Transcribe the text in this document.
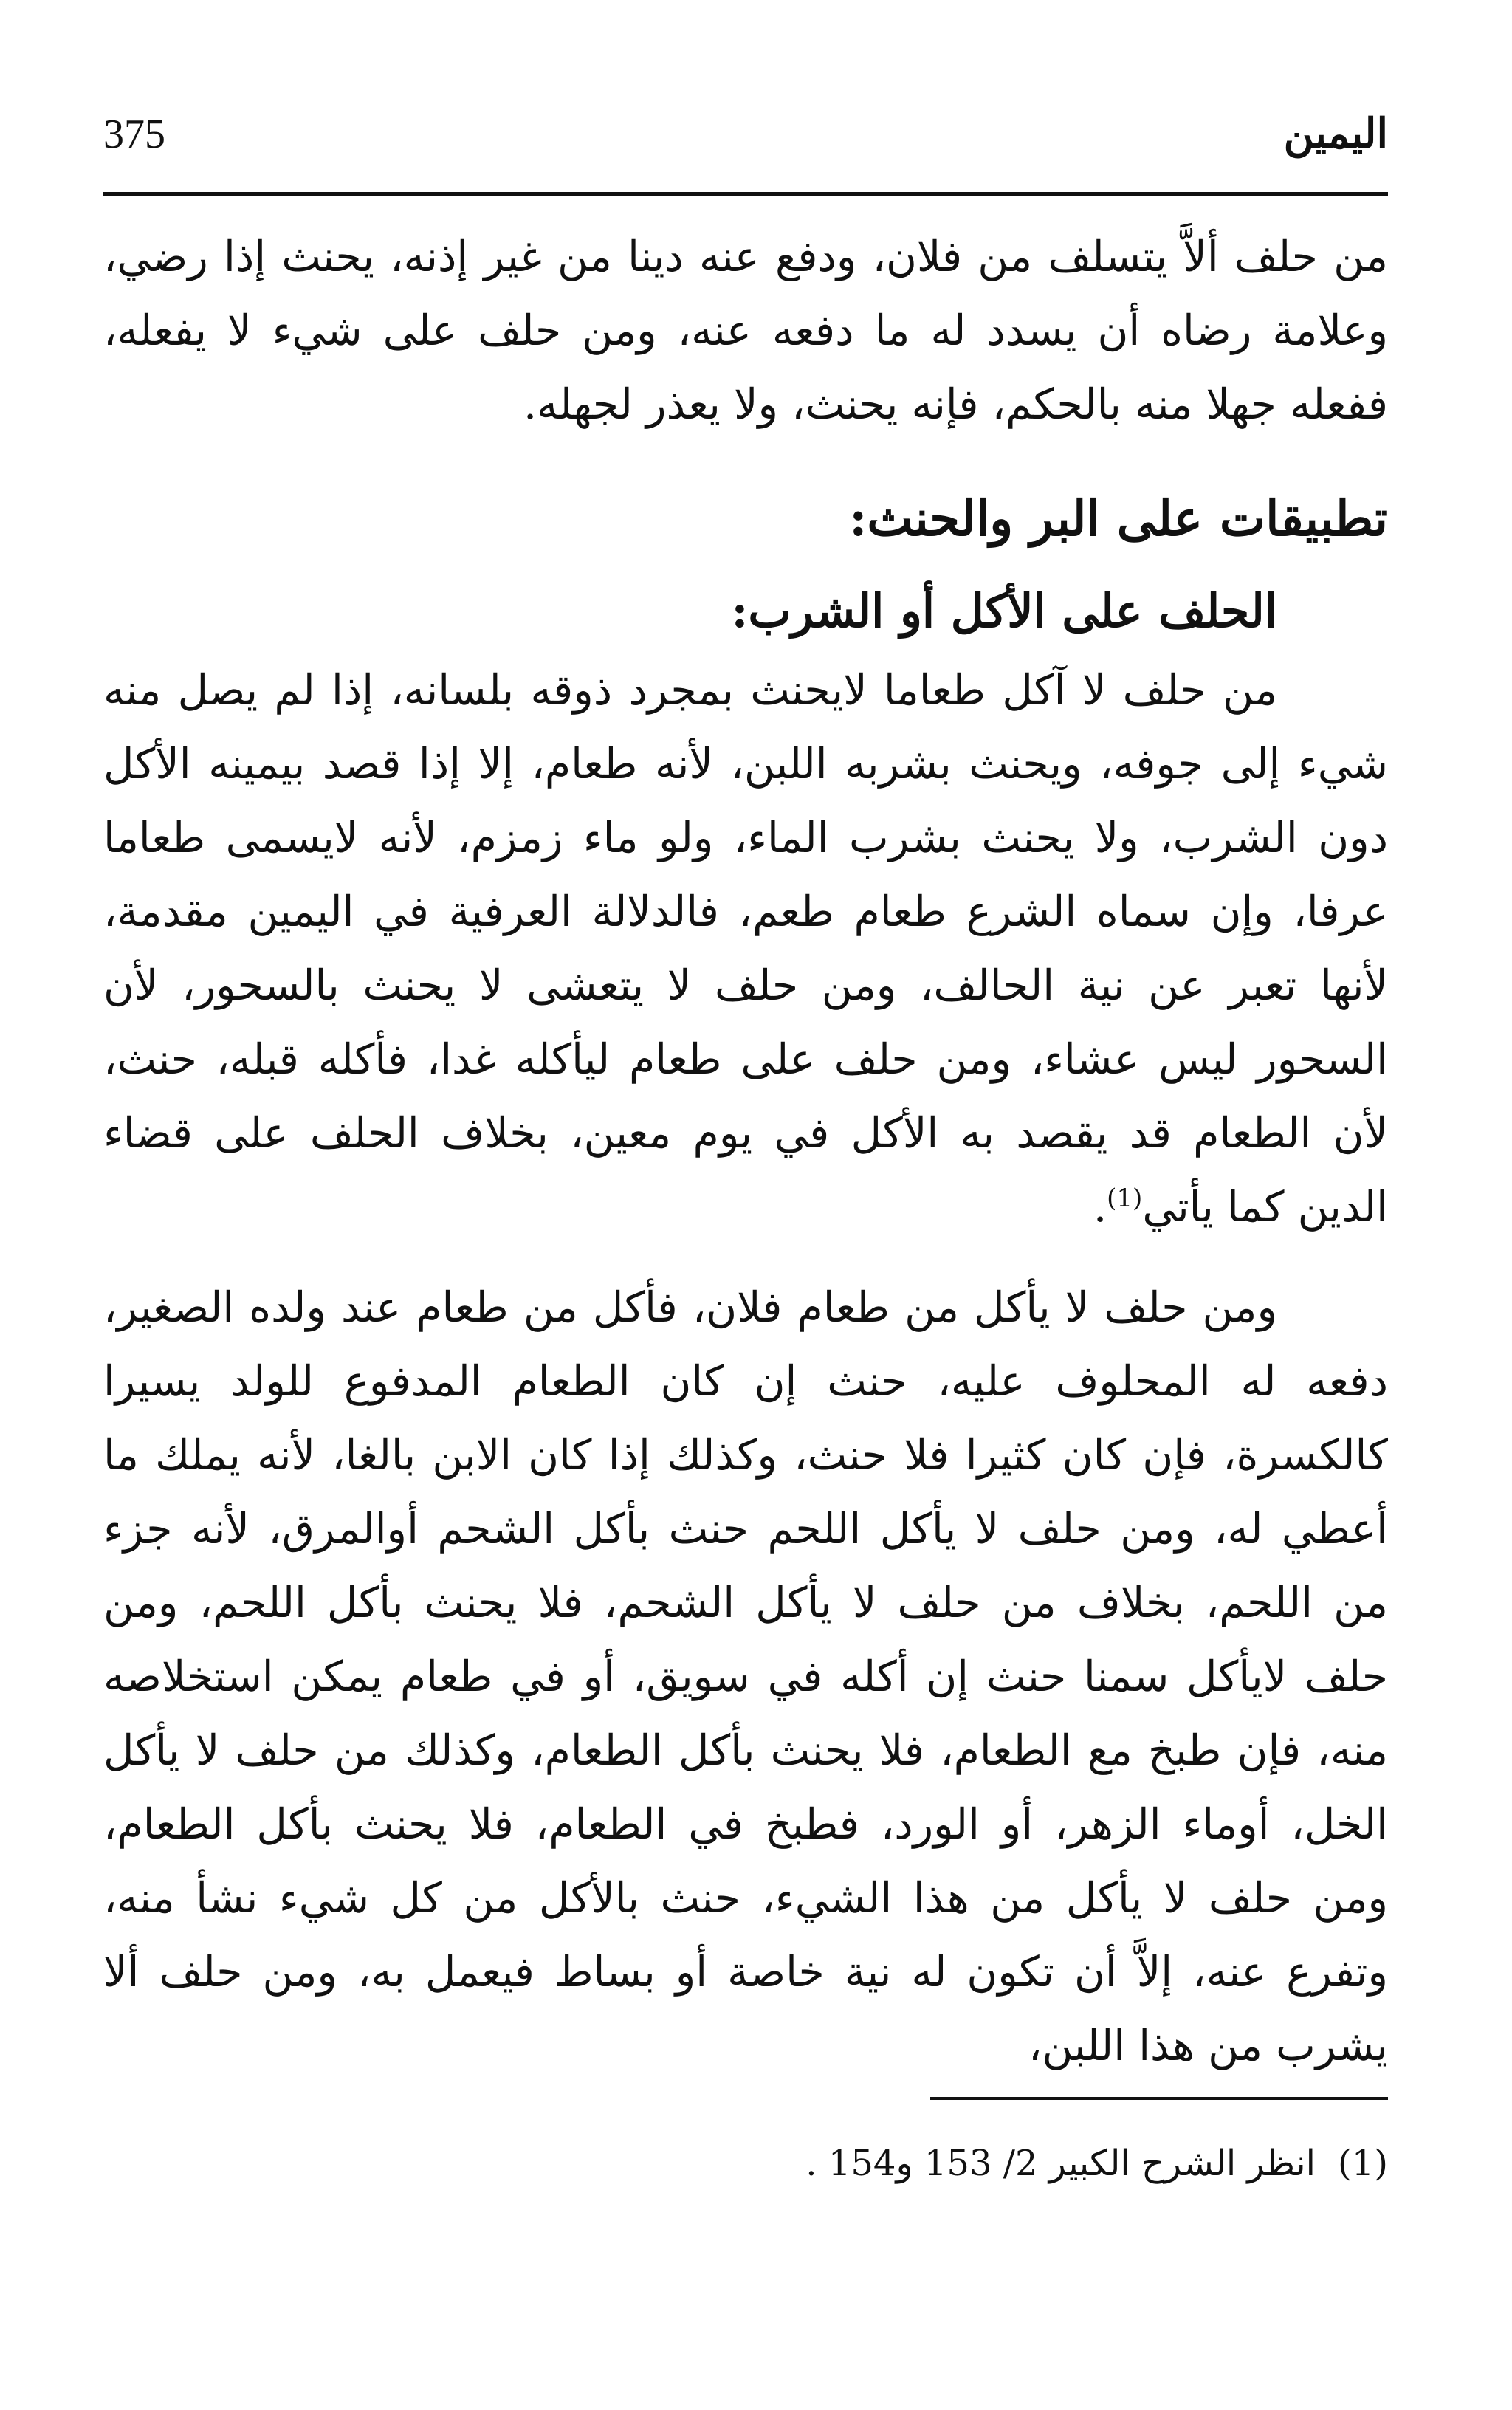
375	اليمين

من حلف ألاَّ يتسلف من فلان، ودفع عنه دينا من غير إذنه، يحنث إذا رضي، وعلامة رضاه أن يسدد له ما دفعه عنه، ومن حلف على شيء لا يفعله، ففعله جهلا منه بالحكم، فإنه يحنث، ولا يعذر لجهله.

تطبيقات على البر والحنث:
الحلف على الأكل أو الشرب:

من حلف لا آكل طعاما لايحنث بمجرد ذوقه بلسانه، إذا لم يصل منه شيء إلى جوفه، ويحنث بشربه اللبن، لأنه طعام، إلا إذا قصد بيمينه الأكل دون الشرب، ولا يحنث بشرب الماء، ولو ماء زمزم، لأنه لايسمى طعاما عرفا، وإن سماه الشرع طعام طعم، فالدلالة العرفية في اليمين مقدمة، لأنها تعبر عن نية الحالف، ومن حلف لا يتعشى لا يحنث بالسحور، لأن السحور ليس عشاء، ومن حلف على طعام ليأكله غدا، فأكله قبله، حنث، لأن الطعام قد يقصد به الأكل في يوم معين، بخلاف الحلف على قضاء الدين كما يأتي$^{(1)}$.

ومن حلف لا يأكل من طعام فلان، فأكل من طعام عند ولده الصغير، دفعه له المحلوف عليه، حنث إن كان الطعام المدفوع للولد يسيرا كالكسرة، فإن كان كثيرا فلا حنث، وكذلك إذا كان الابن بالغا، لأنه يملك ما أعطي له، ومن حلف لا يأكل اللحم حنث بأكل الشحم أوالمرق، لأنه جزء من اللحم، بخلاف من حلف لا يأكل الشحم، فلا يحنث بأكل اللحم، ومن حلف لايأكل سمنا حنث إن أكله في سويق، أو في طعام يمكن استخلاصه منه، فإن طبخ مع الطعام، فلا يحنث بأكل الطعام، وكذلك من حلف لا يأكل الخل، أوماء الزهر، أو الورد، فطبخ في الطعام، فلا يحنث بأكل الطعام، ومن حلف لا يأكل من هذا الشيء، حنث بالأكل من كل شيء نشأ منه، وتفرع عنه، إلاَّ أن تكون له نية خاصة أو بساط فيعمل به، ومن حلف ألا يشرب من هذا اللبن،

(1)انظر الشرح الكبير 2/ 153 و154 .
